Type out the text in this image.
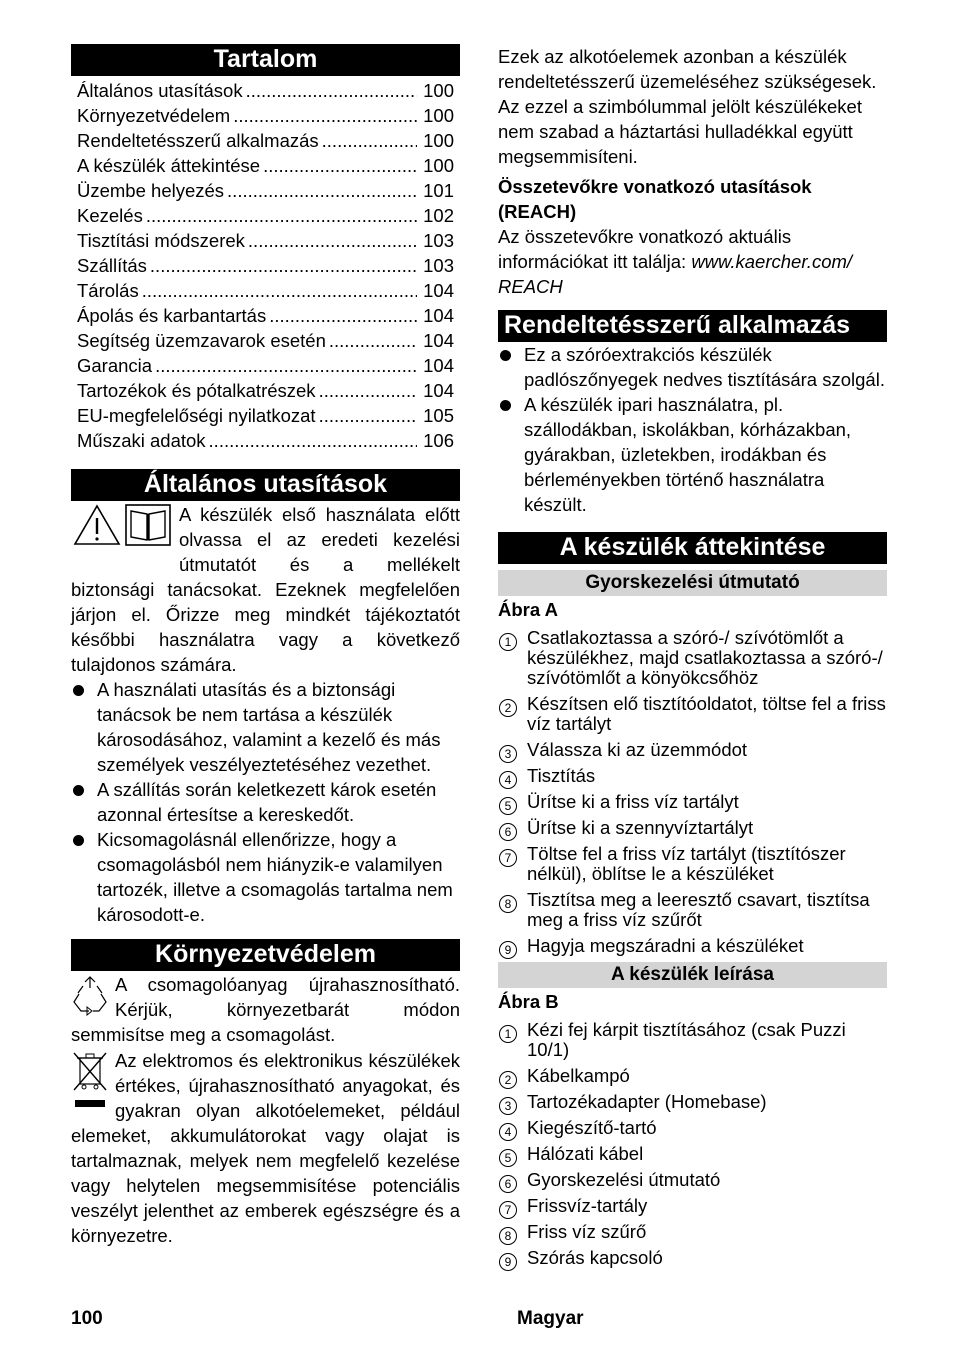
Tartalom
Általános utasítások .....	100
Környezetvédelem .....	100
Rendeltetésszerű alkalmazás .....	100
A készülék áttekintése .....	100
Üzembe helyezés .....	101
Kezelés .....	102
Tisztítási módszerek .....	103
Szállítás .....	103
Tárolás .....	104
Ápolás és karbantartás .....	104
Segítség üzemzavarok esetén .....	104
Garancia .....	104
Tartozékok és pótalkatrészek .....	104
EU-megfelelőségi nyilatkozat .....	105
Műszaki adatok .....	106
Általános utasítások

A készülék első használata előtt olvassa el az eredeti kezelési útmutatót és a mellékelt biztonsági tanácsokat. Ezeknek megfelelően járjon el. Őrizze meg mindkét tájékoztatót későbbi használatra vagy a következő tulajdonos számára.

A használati utasítás és a biztonsági tanácsok be nem tartása a készülék károsodásához, valamint a kezelő és más személyek veszélyeztetéséhez vezethet.
A szállítás során keletkezett károk esetén azonnal értesítse a kereskedőt.
Kicsomagolásnál ellenőrizze, hogy a csomagolásból nem hiányzik-e valamilyen tartozék, illetve a csomagolás tartalma nem károsodott-e.
Környezetvédelem

A csomagolóanyag újrahasznosítható. Kérjük, környezetbarát módon semmisítse meg a csomagolást.

Az elektromos és elektronikus készülékek értékes, újrahasznosítható anyagokat, és gyakran olyan alkotóelemeket, például elemeket, akkumulátorokat vagy olajat is tartalmaznak, melyek nem megfelelő kezelése vagy helytelen megsemmisítése potenciális veszélyt jelenthet az emberek egészségre és a környezetre.

Ezek az alkotóelemek azonban a készülék rendeltetésszerű üzemeléséhez szükségesek. Az ezzel a szimbólummal jelölt készülékeket nem szabad a háztartási hulladékkal együtt megsemmisíteni.

Összetevőkre vonatkozó utasítások (REACH)

Az összetevőkre vonatkozó aktuális információkat itt találja: www.kaercher.com/ REACH

Rendeltetésszerű alkalmazás
Ez a szóróextrakciós készülék padlószőnyegek nedves tisztítására szolgál.
A készülék ipari használatra, pl. szállodákban, iskolákban, kórházakban, gyárakban, üzletekben, irodákban és bérleményekben történő használatra készült.
A készülék áttekintése
Gyorskezelési útmutató

Ábra A

1 Csatlakoztassa a szóró-/ szívótömlőt a készülékhez, majd csatlakoztassa a szóró-/ szívótömlőt a könyökcsőhöz
2 Készítsen elő tisztítóoldatot, töltse fel a friss víz tartályt
3 Válassza ki az üzemmódot
4 Tisztítás
5 Ürítse ki a friss víz tartályt
6 Ürítse ki a szennyvíztartályt
7 Töltse fel a friss víz tartályt (tisztítószer nélkül), öblítse le a készüléket
8 Tisztítsa meg a leeresztő csavart, tisztítsa meg a friss víz szűrőt
9 Hagyja megszáradni a készüléket
A készülék leírása

Ábra B

1 Kézi fej kárpit tisztításához (csak Puzzi 10/1)
2 Kábelkampó
3 Tartozékadapter (Homebase)
4 Kiegészítő-tartó
5 Hálózati kábel
6 Gyorskezelési útmutató
7 Frissvíz-tartály
8 Friss víz szűrő
9 Szórás kapcsoló
100	Magyar
